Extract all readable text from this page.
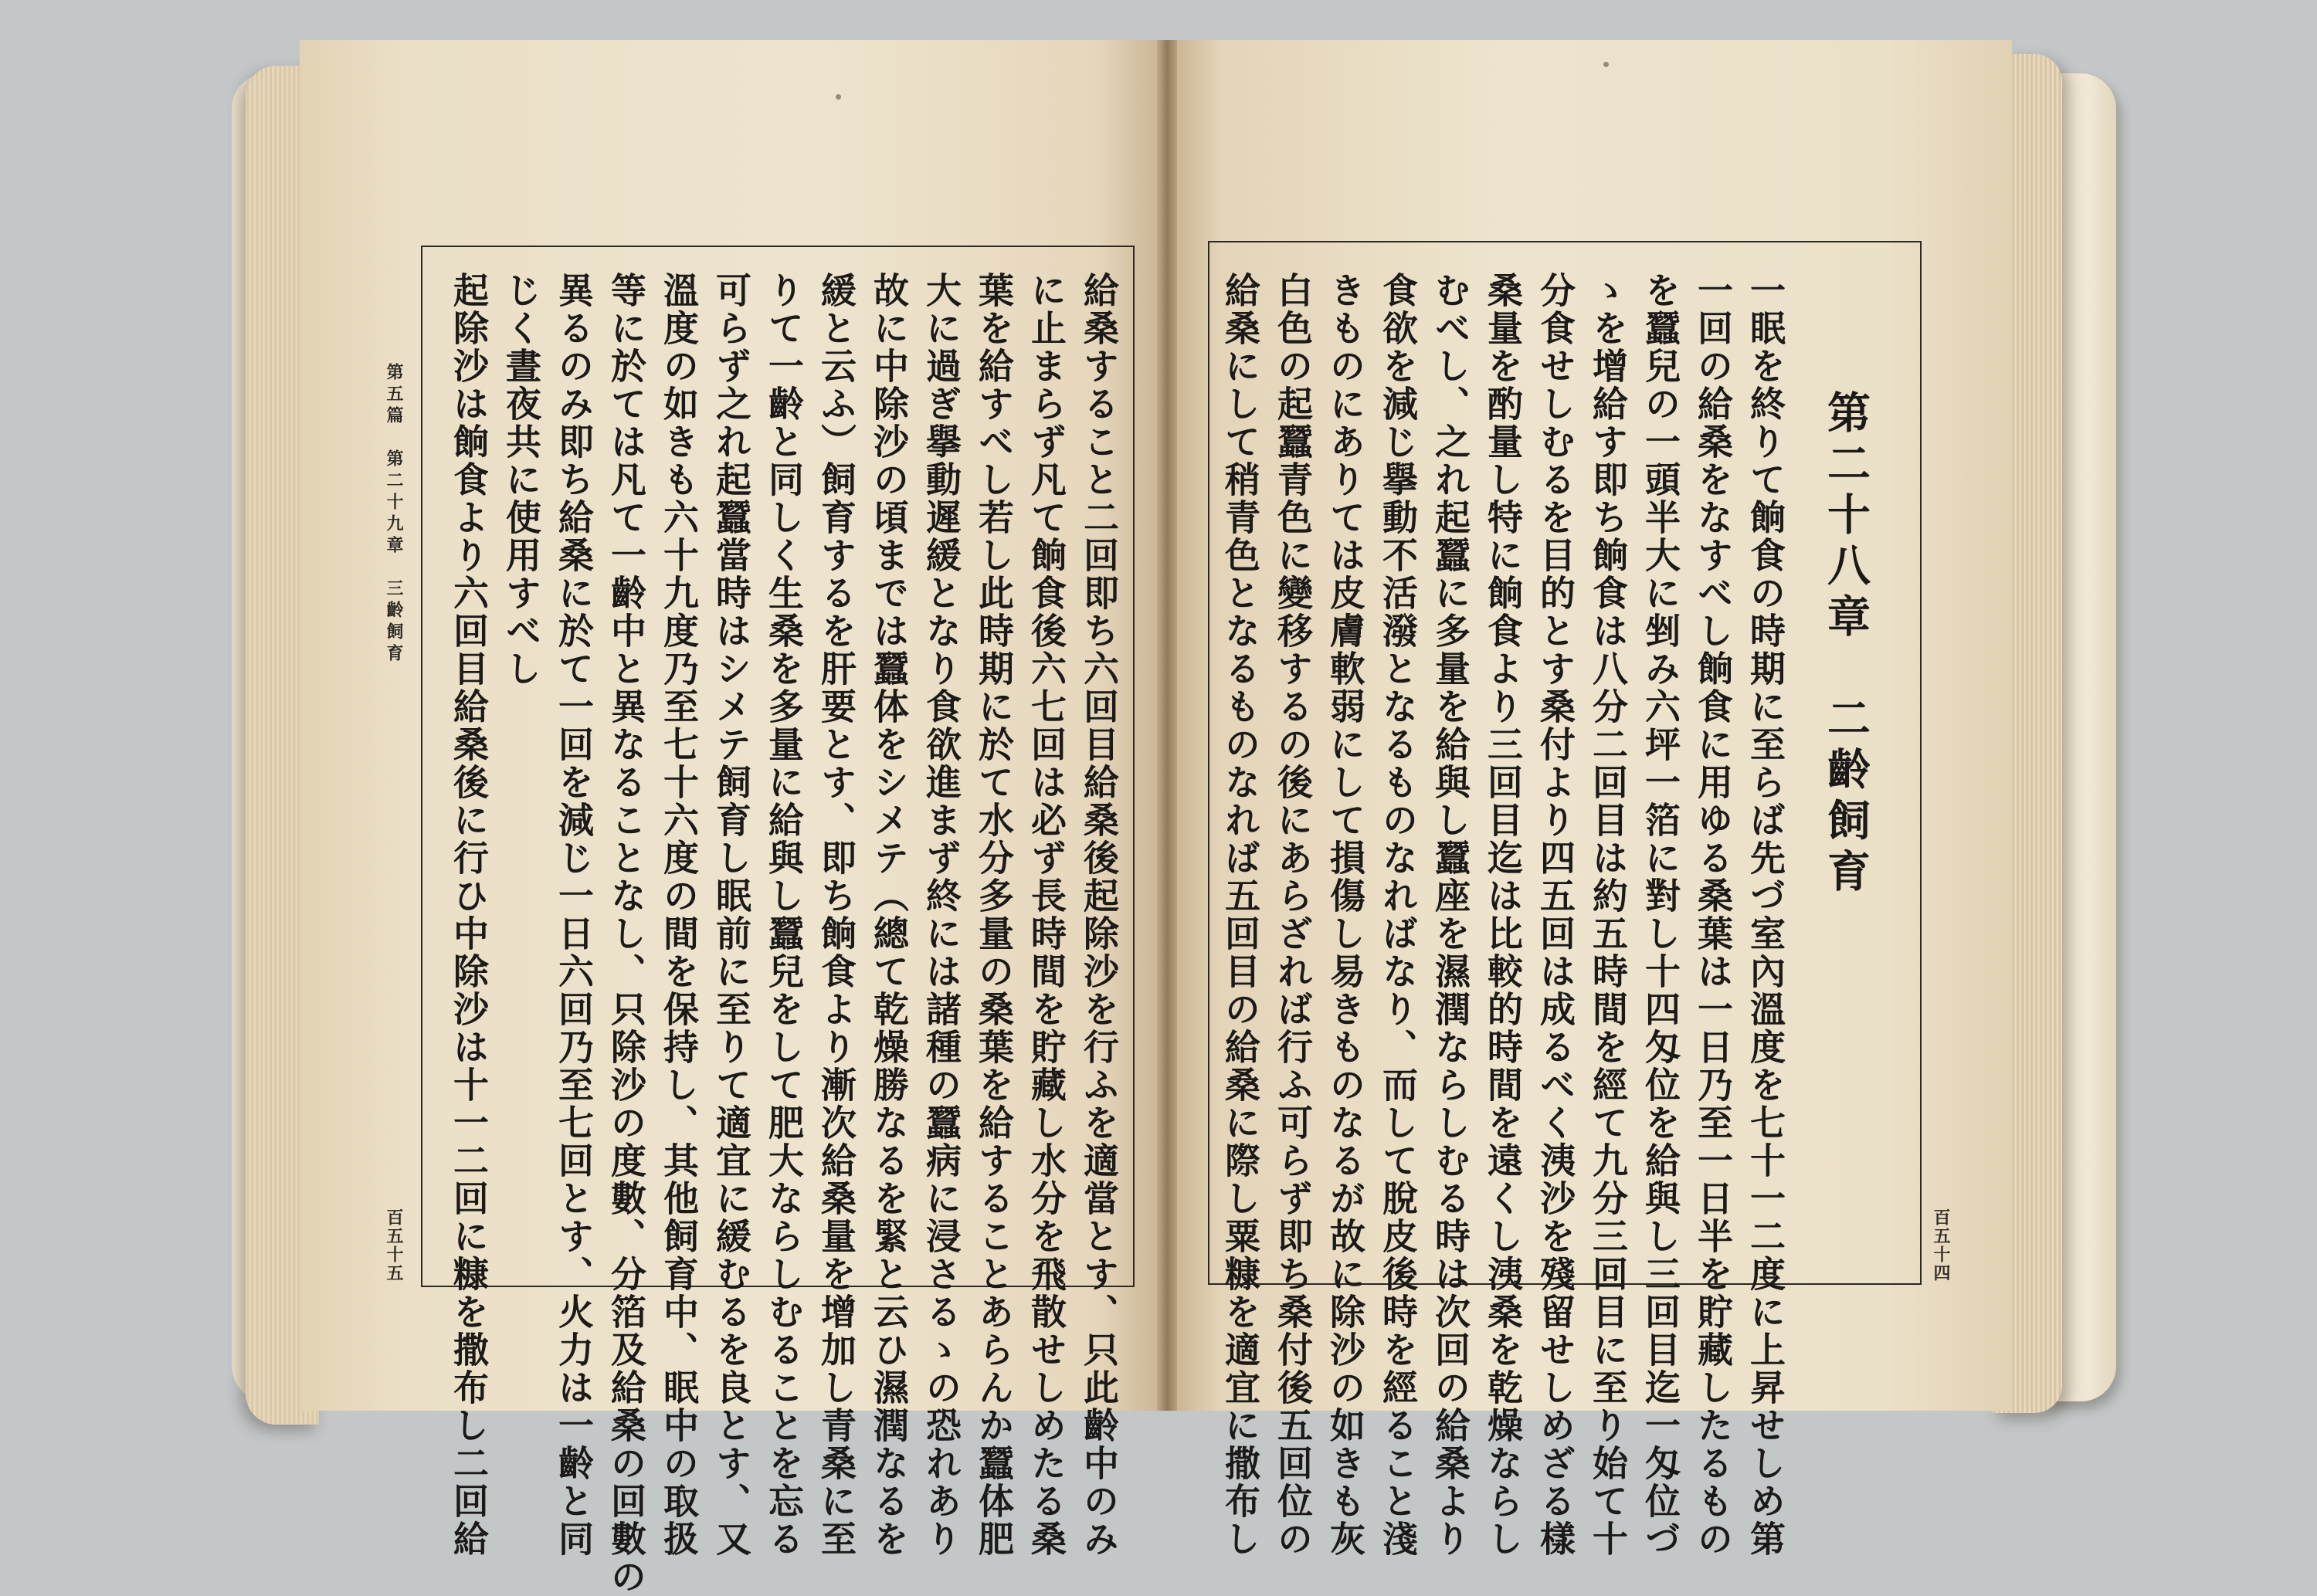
第五篇　第二十九章　三齡飼育
百五十五	給桑すること二回即ち六回目給桑後起除沙を行ふを適當とす、只此齡中のみ
に止まらず凡て餉食後六七回は必ず長時間を貯藏し水分を飛散せしめたる桑
葉を給すべし若し此時期に於て水分多量の桑葉を給することあらんか蠶体肥
大に過ぎ擧動遲緩となり食欲進まず終には諸種の蠶病に浸さるゝの恐れあり
故に中除沙の頃までは蠶体をシメテ（總て乾燥勝なるを緊と云ひ濕潤なるを
緩と云ふ）飼育するを肝要とす、即ち餉食より漸次給桑量を增加し青桑に至
りて一齡と同しく生桑を多量に給與し蠶兒をして肥大ならしむることを忘る
可らず之れ起蠶當時はシメテ飼育し眠前に至りて適宜に緩むるを良とす、又
溫度の如きも六十九度乃至七十六度の間を保持し、其他飼育中、眠中の取扱
等に於ては凡て一齡中と異なることなし、只除沙の度數、分箔及給桑の回數の
異るのみ即ち給桑に於て一回を減じ一日六回乃至七回とす、火力は一齡と同
じく晝夜共に使用すべし
起除沙は餉食より六回目給桑後に行ひ中除沙は十一二回に糠を撒布し二回給	第二十八章　二齡飼育
一眠を終りて餉食の時期に至らば先づ室內溫度を七十一二度に上昇せしめ第
一回の給桑をなすべし餉食に用ゆる桑葉は一日乃至一日半を貯藏したるもの
を蠶兒の一頭半大に剉み六坪一箔に對し十四匁位を給與し三回目迄一匁位づ
ゝを增給す即ち餉食は八分二回目は約五時間を經て九分三回目に至り始て十
分食せしむるを目的とす桑付より四五回は成るべく洟沙を殘留せしめざる樣
桑量を酌量し特に餉食より三回目迄は比較的時間を遠くし洟桑を乾燥ならし
むべし、之れ起蠶に多量を給與し蠶座を濕潤ならしむる時は次回の給桑より
食欲を減じ擧動不活潑となるものなればなり、而して脫皮後時を經ること淺
きものにありては皮膚軟弱にして損傷し易きものなるが故に除沙の如きも灰
白色の起蠶青色に變移するの後にあらざれば行ふ可らず即ち桑付後五回位の
給桑にして稍青色となるものなれば五回目の給桑に際し粟糠を適宜に撒布し	百五十四
